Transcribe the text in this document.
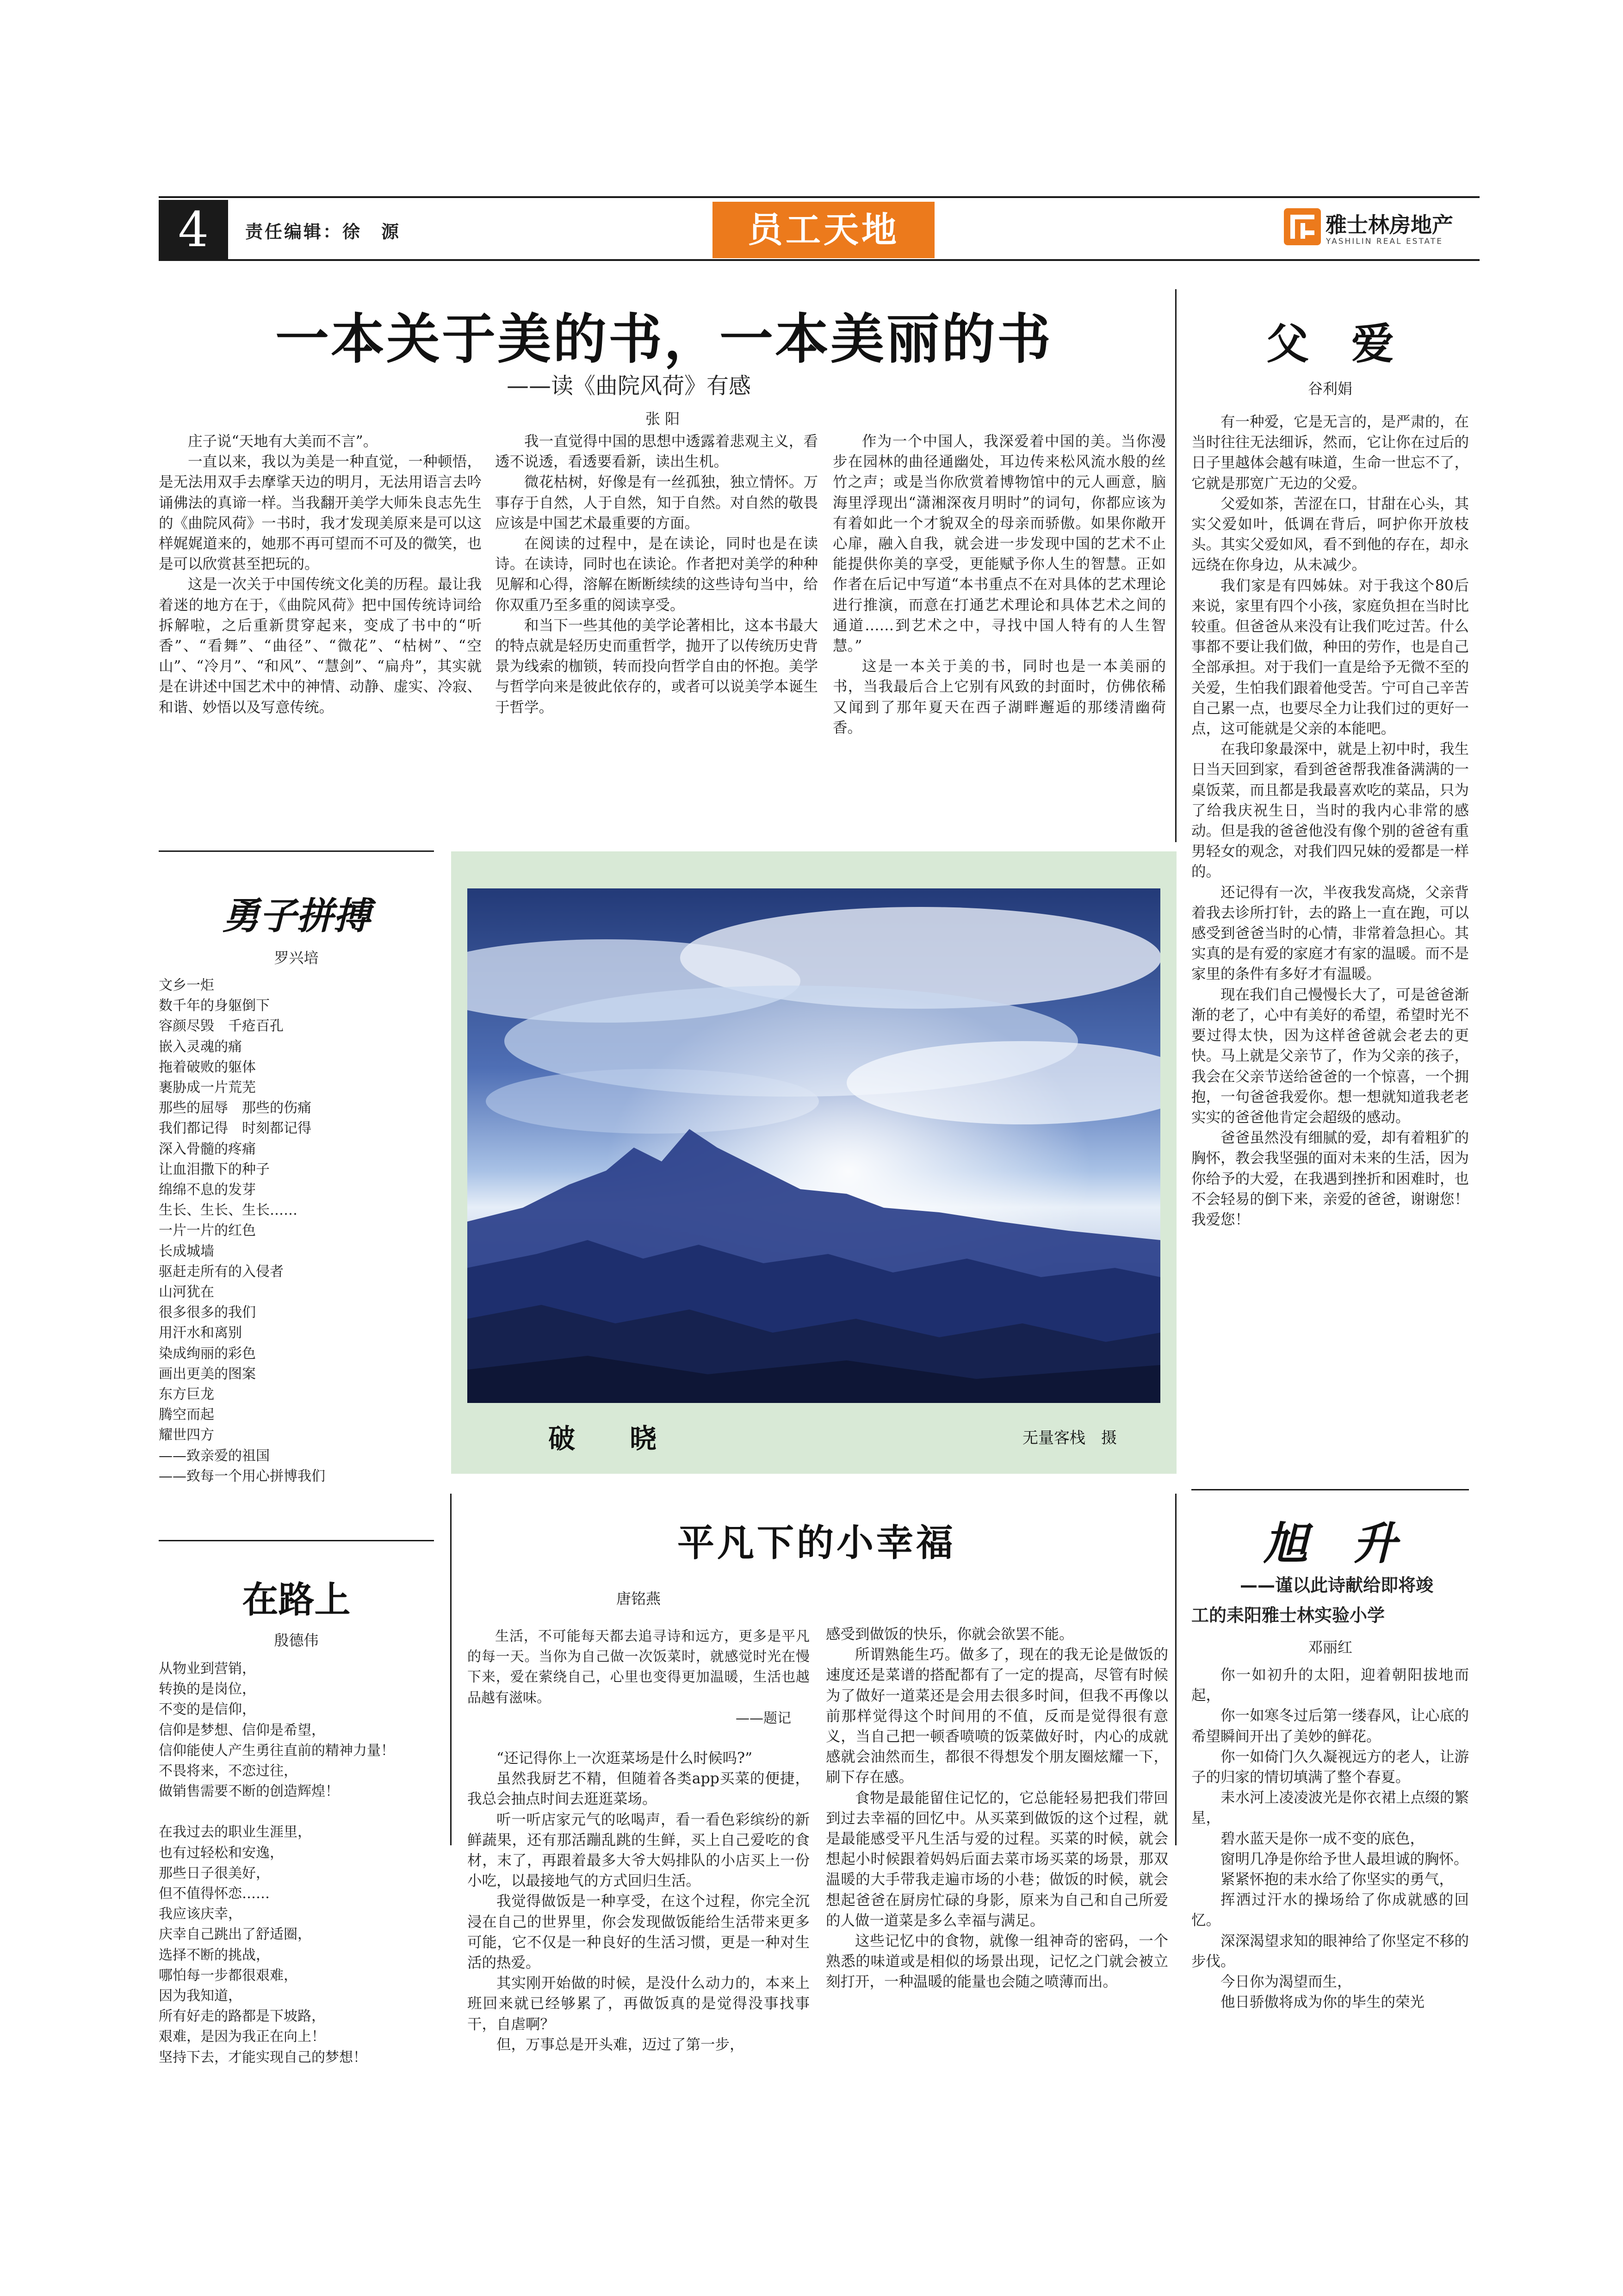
4	责任编辑：徐　源	员工天地	雅士林房地产
YASHILIN REAL ESTATE
一本关于美的书，一本美丽的书
——读《曲院风荷》有感
张 阳

庄子说“天地有大美而不言”。

一直以来，我以为美是一种直觉，一种顿悟，是无法用双手去摩挲天边的明月，无法用语言去吟诵佛法的真谛一样。当我翻开美学大师朱良志先生的《曲院风荷》一书时，我才发现美原来是可以这样娓娓道来的，她那不再可望而不可及的微笑，也是可以欣赏甚至把玩的。

这是一次关于中国传统文化美的历程。最让我着迷的地方在于，《曲院风荷》把中国传统诗词给拆解啦，之后重新贯穿起来，变成了书中的“听香”、“看舞”、“曲径”、“微花”、“枯树”、“空山”、“冷月”、“和风”、“慧剑”、“扁舟”，其实就是在讲述中国艺术中的神情、动静、虚实、冷寂、和谐、妙悟以及写意传统。

我一直觉得中国的思想中透露着悲观主义，看透不说透，看透要看新，读出生机。

微花枯树，好像是有一丝孤独，独立情怀。万事存于自然，人于自然，知于自然。对自然的敬畏应该是中国艺术最重要的方面。

在阅读的过程中，是在读论，同时也是在读诗。在读诗，同时也在读论。作者把对美学的种种见解和心得，溶解在断断续续的这些诗句当中，给你双重乃至多重的阅读享受。

和当下一些其他的美学论著相比，这本书最大的特点就是轻历史而重哲学，抛开了以传统历史背景为线索的枷锁，转而投向哲学自由的怀抱。美学与哲学向来是彼此依存的，或者可以说美学本诞生于哲学。

作为一个中国人，我深爱着中国的美。当你漫步在园林的曲径通幽处，耳边传来松风流水般的丝竹之声；或是当你欣赏着博物馆中的元人画意，脑海里浮现出“潇湘深夜月明时”的词句，你都应该为有着如此一个才貌双全的母亲而骄傲。如果你敞开心扉，融入自我，就会进一步发现中国的艺术不止能提供你美的享受，更能赋予你人生的智慧。正如作者在后记中写道“本书重点不在对具体的艺术理论进行推演，而意在打通艺术理论和具体艺术之间的通道……到艺术之中，寻找中国人特有的人生智慧。”

这是一本关于美的书，同时也是一本美丽的书，当我最后合上它别有风致的封面时，仿佛依稀又闻到了那年夏天在西子湖畔邂逅的那缕清幽荷香。

父　爱
谷利娟

有一种爱，它是无言的，是严肃的，在当时往往无法细诉，然而，它让你在过后的日子里越体会越有味道，生命一世忘不了，它就是那宽广无边的父爱。

父爱如茶，苦涩在口，甘甜在心头，其实父爱如叶，低调在背后，呵护你开放枝头。其实父爱如风，看不到他的存在，却永远绕在你身边，从未减少。

我们家是有四姊妹。对于我这个80后来说，家里有四个小孩，家庭负担在当时比较重。但爸爸从来没有让我们吃过苦。什么事都不要让我们做，种田的劳作，也是自己全部承担。对于我们一直是给予无微不至的关爱，生怕我们跟着他受苦。宁可自己辛苦自己累一点，也要尽全力让我们过的更好一点，这可能就是父亲的本能吧。

在我印象最深中，就是上初中时，我生日当天回到家，看到爸爸帮我准备满满的一桌饭菜，而且都是我最喜欢吃的菜品，只为了给我庆祝生日，当时的我内心非常的感动。但是我的爸爸他没有像个别的爸爸有重男轻女的观念，对我们四兄妹的爱都是一样的。

还记得有一次，半夜我发高烧，父亲背着我去诊所打针，去的路上一直在跑，可以感受到爸爸当时的心情，非常着急担心。其实真的是有爱的家庭才有家的温暖。而不是家里的条件有多好才有温暖。

现在我们自己慢慢长大了，可是爸爸渐渐的老了，心中有美好的希望，希望时光不要过得太快，因为这样爸爸就会老去的更快。马上就是父亲节了，作为父亲的孩子，我会在父亲节送给爸爸的一个惊喜，一个拥抱，一句爸爸我爱你。想一想就知道我老老实实的爸爸他肯定会超级的感动。

爸爸虽然没有细腻的爱，却有着粗犷的胸怀，教会我坚强的面对未来的生活，因为你给予的大爱，在我遇到挫折和困难时，也不会轻易的倒下来，亲爱的爸爸，谢谢您！我爱您！

勇子拼搏
罗兴培
文乡一炬
数千年的身躯倒下
容颜尽毁　千疮百孔
嵌入灵魂的痛
拖着破败的躯体
裹胁成一片荒芜
那些的屈辱　那些的伤痛
我们都记得　时刻都记得
深入骨髓的疼痛
让血泪撒下的种子
绵绵不息的发芽
生长、生长、生长……
一片一片的红色
长成城墙
驱赶走所有的入侵者
山河犹在
很多很多的我们
用汗水和离别
染成绚丽的彩色
画出更美的图案
东方巨龙
腾空而起
耀世四方
——致亲爱的祖国
——致每一个用心拼博我们
破　晓	无量客栈　摄
在路上
殷德伟
从物业到营销，
转换的是岗位，
不变的是信仰，
信仰是梦想、信仰是希望，
信仰能使人产生勇往直前的精神力量！
不畏将来，不恋过往，
做销售需要不断的创造辉煌！
在我过去的职业生涯里，
也有过轻松和安逸，
那些日子很美好，
但不值得怀恋……
我应该庆幸，
庆幸自己跳出了舒适圈，
选择不断的挑战，
哪怕每一步都很艰难，
因为我知道，
所有好走的路都是下坡路，
艰难，是因为我正在向上！
坚持下去，才能实现自己的梦想！
平凡下的小幸福
唐铭燕

生活，不可能每天都去追寻诗和远方，更多是平凡的每一天。当你为自己做一次饭菜时，就感觉时光在慢下来，爱在萦绕自己，心里也变得更加温暖，生活也越品越有滋味。

——题记

“还记得你上一次逛菜场是什么时候吗?”

虽然我厨艺不精，但随着各类app买菜的便捷，我总会抽点时间去逛逛菜场。

听一听店家元气的吆喝声，看一看色彩缤纷的新鲜蔬果，还有那活蹦乱跳的生鲜，买上自己爱吃的食材，末了，再跟着最多大爷大妈排队的小店买上一份小吃，以最接地气的方式回归生活。

我觉得做饭是一种享受，在这个过程，你完全沉浸在自己的世界里，你会发现做饭能给生活带来更多可能，它不仅是一种良好的生活习惯，更是一种对生活的热爱。

其实刚开始做的时候，是没什么动力的，本来上班回来就已经够累了，再做饭真的是觉得没事找事干，自虐啊？

但，万事总是开头难，迈过了第一步，

感受到做饭的快乐，你就会欲罢不能。

所谓熟能生巧。做多了，现在的我无论是做饭的速度还是菜谱的搭配都有了一定的提高，尽管有时候为了做好一道菜还是会用去很多时间，但我不再像以前那样觉得这个时间用的不值，反而是觉得很有意义，当自己把一顿香喷喷的饭菜做好时，内心的成就感就会油然而生，都很不得想发个朋友圈炫耀一下，刷下存在感。

食物是最能留住记忆的，它总能轻易把我们带回到过去幸福的回忆中。从买菜到做饭的这个过程，就是最能感受平凡生活与爱的过程。买菜的时候，就会想起小时候跟着妈妈后面去菜市场买菜的场景，那双温暖的大手带我走遍市场的小巷；做饭的时候，就会想起爸爸在厨房忙碌的身影，原来为自己和自己所爱的人做一道菜是多么幸福与满足。

这些记忆中的食物，就像一组神奇的密码，一个熟悉的味道或是相似的场景出现，记忆之门就会被立刻打开，一种温暖的能量也会随之喷薄而出。

旭　升
——谨以此诗献给即将竣
工的耒阳雅士林实验小学
邓丽红

你一如初升的太阳，迎着朝阳拔地而起，

你一如寒冬过后第一缕春风，让心底的希望瞬间开出了美妙的鲜花。

你一如倚门久久凝视远方的老人，让游子的归家的情切填满了整个春夏。

耒水河上凌凌波光是你衣裙上点缀的繁星，

碧水蓝天是你一成不变的底色，

窗明几净是你给予世人最坦诚的胸怀。

紧紧怀抱的耒水给了你坚实的勇气，

挥洒过汗水的操场给了你成就感的回忆。

深深渴望求知的眼神给了你坚定不移的步伐。

今日你为渴望而生，

他日骄傲将成为你的毕生的荣光
